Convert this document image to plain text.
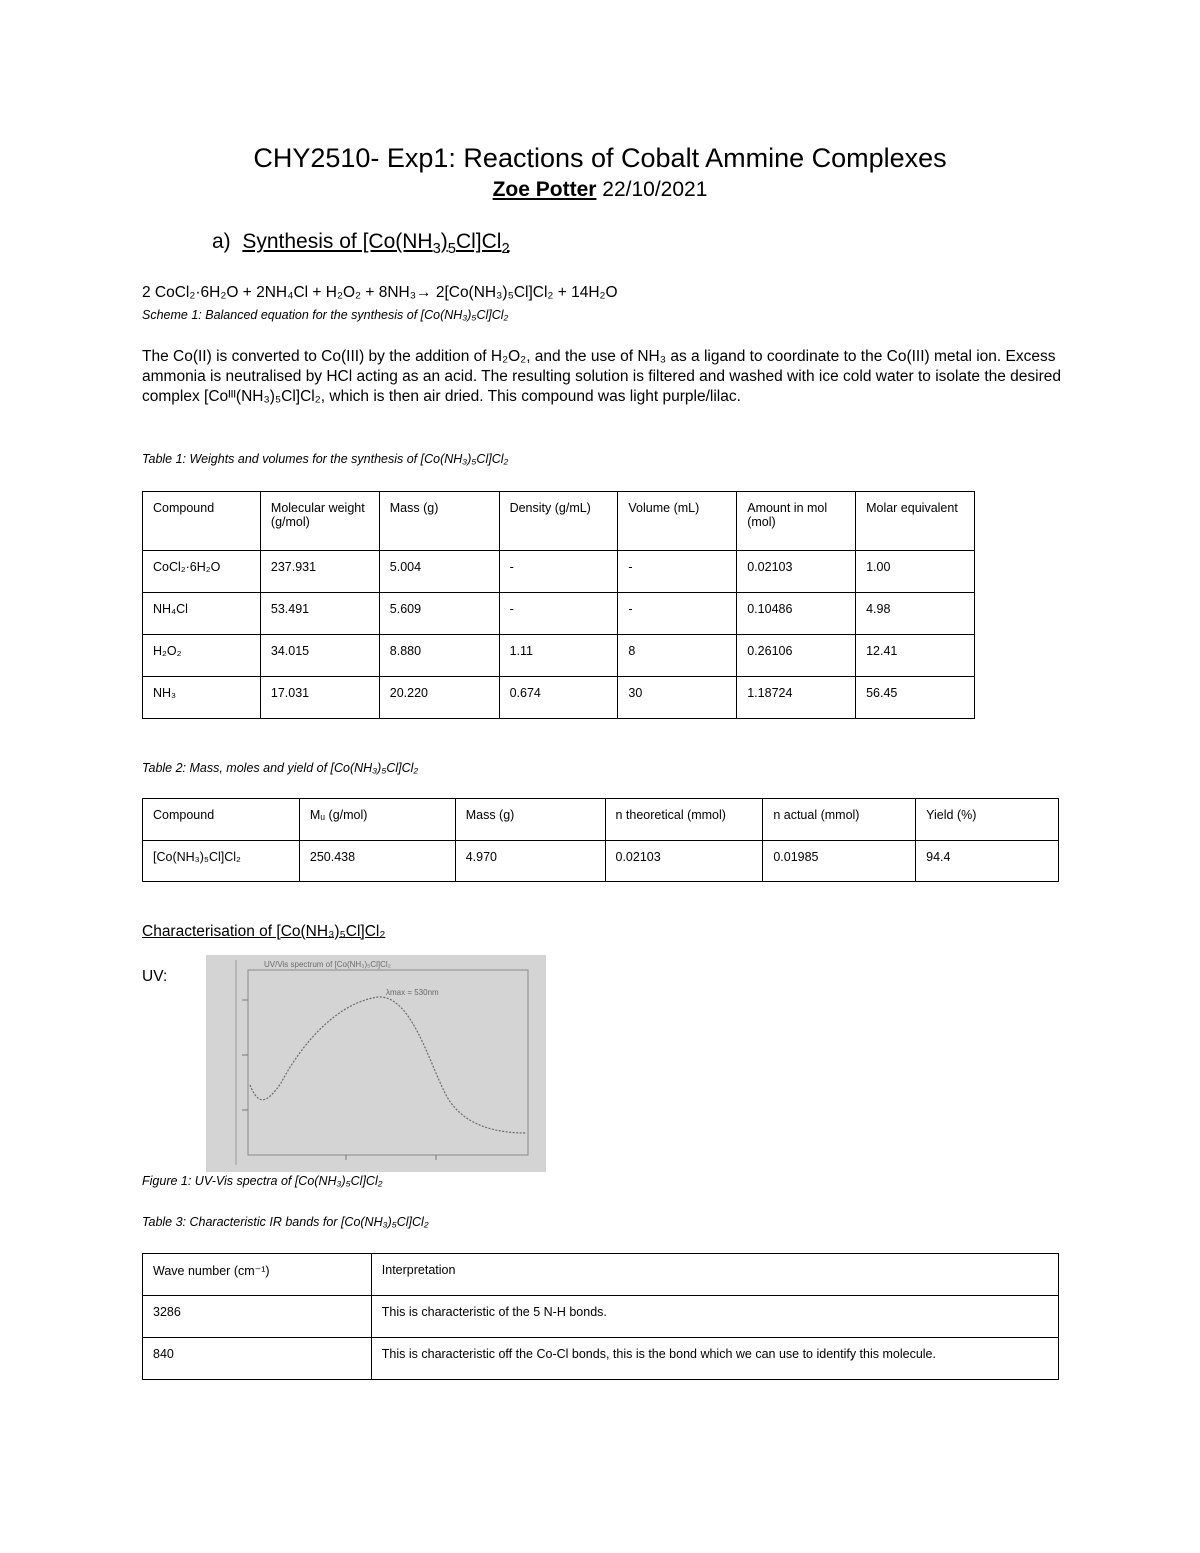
CHY2510- Exp1: Reactions of Cobalt Ammine Complexes
Zoe Potter 22/10/2021
a) Synthesis of $[Co(NH_3)_5Cl]Cl_2$
2 CoCl₂·6H₂O + 2NH₄Cl + H₂O₂ + 8NH₃→ 2[Co(NH₃)₅Cl]Cl₂ + 14H₂O
Scheme 1: Balanced equation for the synthesis of [Co(NH₃)₅Cl]Cl₂
The Co(II) is converted to Co(III) by the addition of H₂O₂, and the use of NH₃ as a ligand to coordinate to the Co(III) metal ion. Excess ammonia is neutralised by HCl acting as an acid. The resulting solution is filtered and washed with ice cold water to isolate the desired complex [Coᴵᴵᴵ(NH₃)₅Cl]Cl₂, which is then air dried. This compound was light purple/lilac.
Table 1: Weights and volumes for the synthesis of [Co(NH₃)₅Cl]Cl₂
Compound	Molecular weight (g/mol)	Mass (g)	Density (g/mL)	Volume (mL)	Amount in mol (mol)	Molar equivalent
CoCl₂·6H₂O	237.931	5.004	-	-	0.02103	1.00
NH₄Cl	53.491	5.609	-	-	0.10486	4.98
H₂O₂	34.015	8.880	1.11	8	0.26106	12.41
NH₃	17.031	20.220	0.674	30	1.18724	56.45
Table 2: Mass, moles and yield of [Co(NH₃)₅Cl]Cl₂
Compound	Mᵤ (g/mol)	Mass (g)	n theoretical (mmol)	n actual (mmol)	Yield (%)
[Co(NH₃)₅Cl]Cl₂	250.438	4.970	0.02103	0.01985	94.4
Characterisation of [Co(NH₃)₅Cl]Cl₂
UV:
UV/Vis spectrum of [Co(NH₃)₅Cl]Cl₂
λmax = 530nm
Figure 1: UV-Vis spectra of [Co(NH₃)₅Cl]Cl₂
Table 3: Characteristic IR bands for [Co(NH₃)₅Cl]Cl₂
Wave number (cm⁻¹)	Interpretation
3286	This is characteristic of the 5 N-H bonds.
840	This is characteristic off the Co-Cl bonds, this is the bond which we can use to identify this molecule.
